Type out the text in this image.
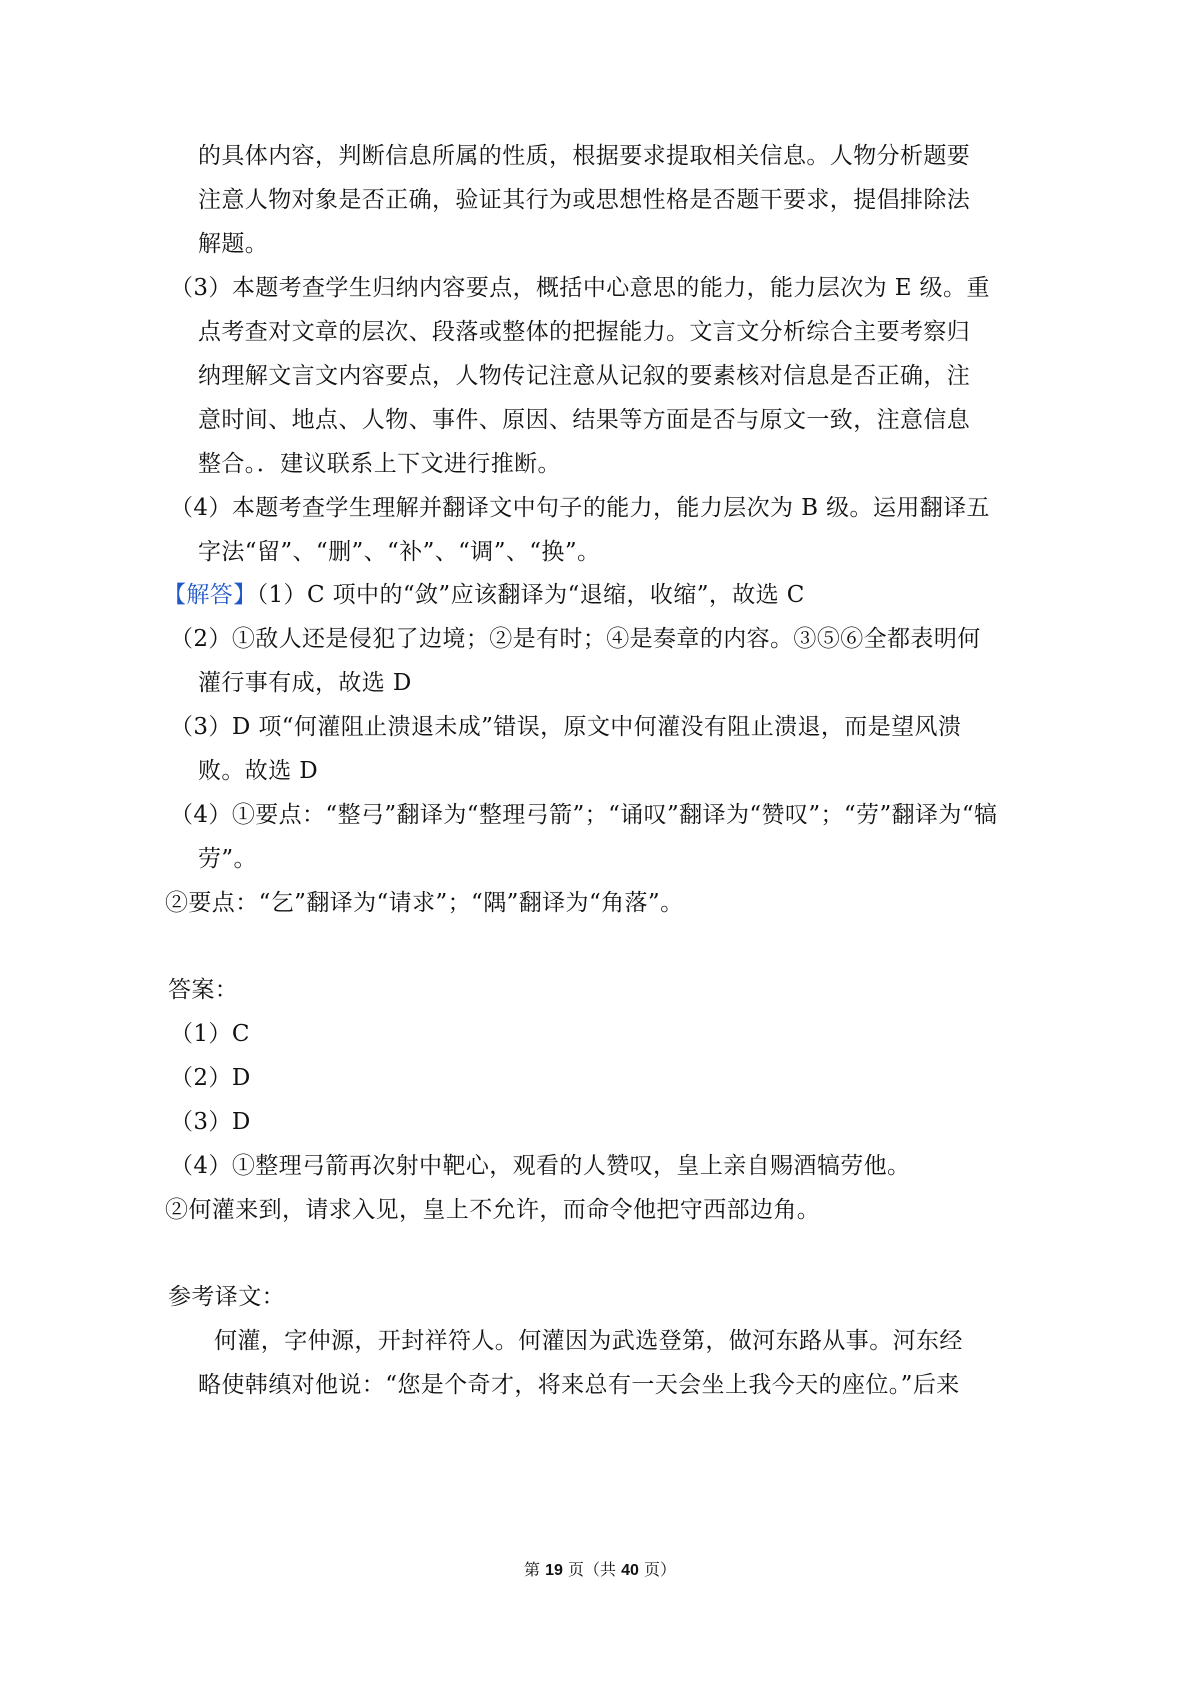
的具体内容，判断信息所属的性质，根据要求提取相关信息。人物分析题要
注意人物对象是否正确，验证其行为或思想性格是否题干要求，提倡排除法
解题。
（3）本题考查学生归纳内容要点，概括中心意思的能力，能力层次为 E 级。重
点考查对文章的层次、段落或整体的把握能力。文言文分析综合主要考察归
纳理解文言文内容要点，人物传记注意从记叙的要素核对信息是否正确，注
意时间、地点、人物、事件、原因、结果等方面是否与原文一致，注意信息
整合。．建议联系上下文进行推断。
（4）本题考查学生理解并翻译文中句子的能力，能力层次为 B 级。运用翻译五
字法“留”、“删”、“补”、“调”、“换”。
【解答】（1）C 项中的“敛”应该翻译为“退缩，收缩”，故选 C
（2）①敌人还是侵犯了边境；②是有时；④是奏章的内容。③⑤⑥全都表明何
灌行事有成，故选 D
（3）D 项“何灌阻止溃退未成”错误，原文中何灌没有阻止溃退，而是望风溃
败。故选 D
（4）①要点：“整弓”翻译为“整理弓箭”；“诵叹”翻译为“赞叹”；“劳”翻译为“犒
劳”。
②要点：“乞”翻译为“请求”；“隅”翻译为“角落”。
答案：
（1）C
（2）D
（3）D
（4）①整理弓箭再次射中靶心，观看的人赞叹，皇上亲自赐酒犒劳他。
②何灌来到，请求入见，皇上不允许，而命令他把守西部边角。
参考译文：
何灌，字仲源，开封祥符人。何灌因为武选登第，做河东路从事。河东经
略使韩缜对他说：“您是个奇才，将来总有一天会坐上我今天的座位。”后来
第 19 页（共 40 页）
